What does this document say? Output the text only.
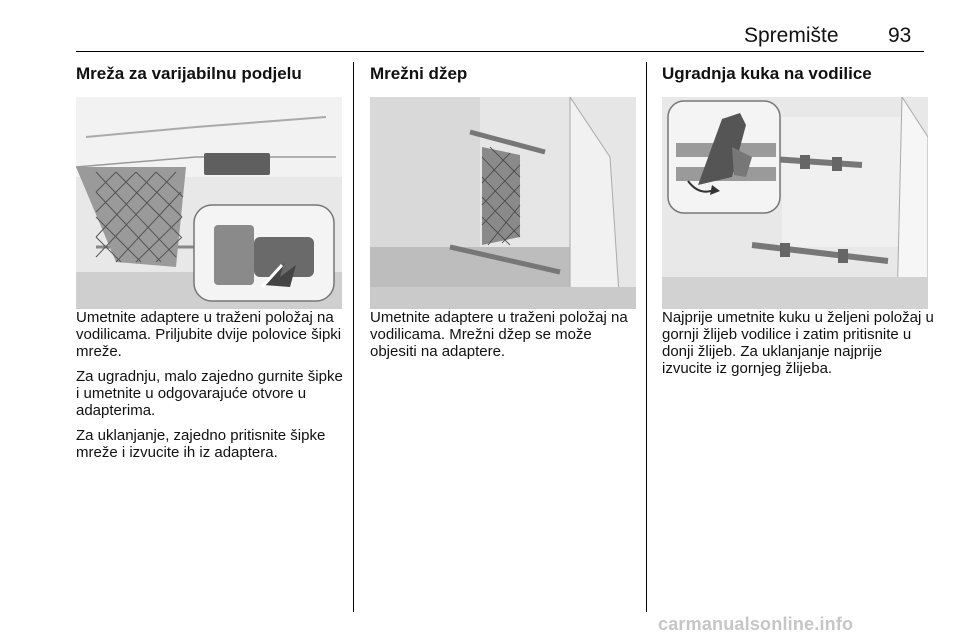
Spremište 93
Mreža za varijabilnu podjelu

Umetnite adaptere u traženi položaj na vodilicama. Priljubite dvije polovice šipki mreže.

Za ugradnju, malo zajedno gurnite šipke i umetnite u odgovarajuće otvore u adapterima.

Za uklanjanje, zajedno pritisnite šipke mreže i izvucite ih iz adaptera.

Mrežni džep

Umetnite adaptere u traženi položaj na vodilicama. Mrežni džep se može objesiti na adaptere.

Ugradnja kuka na vodilice

Najprije umetnite kuku u željeni položaj u gornji žlijeb vodilice i zatim pritisnite u donji žlijeb. Za uklanjanje najprije izvucite iz gornjeg žlijeba.

carmanualsonline.info
